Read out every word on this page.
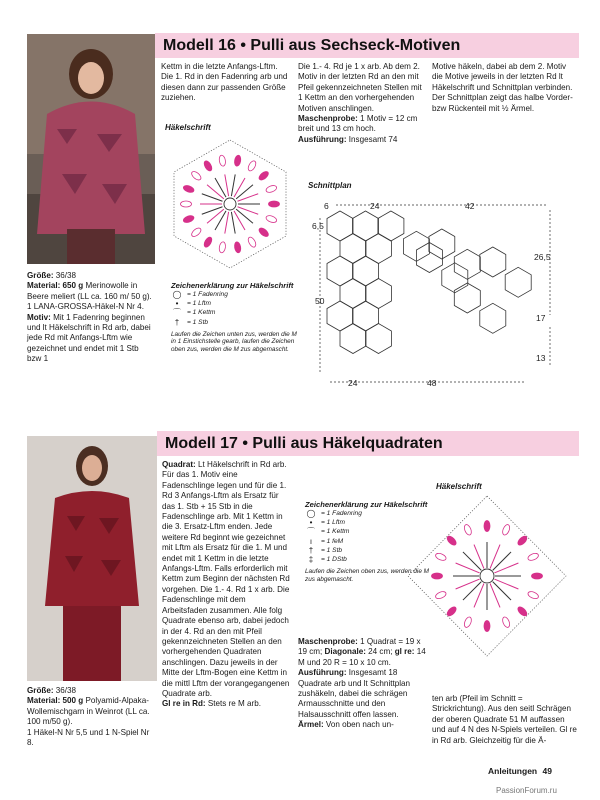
Modell 16 • Pulli aus Sechseck-Motiven
Größe: 36/38
Material: 650 g Merinowolle in Beere meliert (LL ca. 160 m/ 50 g).
1 LANA-GROSSA-Häkel-N Nr 4.
Motiv: Mit 1 Fadenring beginnen und lt Häkelschrift in Rd arb, dabei jede Rd mit Anfangs-Lftm wie gezeichnet und endet mit 1 Stb bzw 1

Kettm in die letzte Anfangs-Lftm. Die 1. Rd in den Fadenring arb und diesen dann zur passenden Größe zuziehen.

Die 1.- 4. Rd je 1 x arb. Ab dem 2. Motiv in der letzten Rd an den mit Pfeil gekennzeichneten Stellen mit 1 Kettm an den vorhergehenden Motiven anschlingen.
Maschenprobe: 1 Motiv = 12 cm breit und 13 cm hoch.
Ausführung: Insgesamt 74

Motive häkeln, dabei ab dem 2. Motiv die Motive jeweils in der letzten Rd lt Häkelschrift und Schnittplan verbinden. Der Schnittplan zeigt das halbe Vorder- bzw Rückenteil mit ½ Ärmel.

Häkelschrift
Zeichenerklärung zur Häkelschrift
◯ = 1 Fadenring
•	= 1 Lftm
⌒ = 1 Kettm
†	= 1 Stb
Laufen die Zeichen unten zus, werden die M in 1 Einstichstelle gearb, laufen die Zeichen oben zus, werden die M zus abgemascht.
Schnittplan
6	24	42
6,5
26,5
50
17
13
24	48
Modell 17 • Pulli aus Häkelquadraten
Größe: 36/38
Material: 500 g Polyamid-Alpaka-Wollemischgarn in Weinrot (LL ca. 100 m/50 g).
1 Häkel-N Nr 5,5 und 1 N-Spiel Nr 8.
Quadrat: Lt Häkelschrift in Rd arb. Für das 1. Motiv eine Fadenschlinge legen und für die 1. Rd 3 Anfangs-Lftm als Ersatz für das 1. Stb + 15 Stb in die Fadenschlinge arb. Mit 1 Kettm in die 3. Ersatz-Lftm enden. Jede weitere Rd beginnt wie gezeichnet mit Lftm als Ersatz für die 1. M und endet mit 1 Kettm in die letzte Anfangs-Lftm. Falls erforderlich mit Kettm zum Beginn der nächsten Rd vorgehen. Die 1.- 4. Rd 1 x arb. Die Fadenschlinge mit dem Arbeitsfaden zusammen. Alle folg Quadrate ebenso arb, dabei jedoch in der 4. Rd an den mit Pfeil gekennzeichneten Stellen an den vorhergehenden Quadraten anschlingen. Dazu jeweils in der Mitte der Lftm-Bogen eine Kettm in die mittl Lftm der vorangegangenen Quadrate arb.
Gl re in Rd: Stets re M arb.
Maschenprobe: 1 Quadrat = 19 x 19 cm; Diagonale: 24 cm; gl re: 14 M und 20 R = 10 x 10 cm.
Ausführung: Insgesamt 18 Quadrate arb und lt Schnittplan zushäkeln, dabei die schrägen Armausschnitte und den Halsausschnitt offen lassen.
Ärmel: Von oben nach un-

ten arb (Pfeil im Schnitt = Strickrichtung). Aus den seitl Schrägen der oberen Quadrate 51 M auffassen und auf 4 N des N-Spiels verteilen. Gl re in Rd arb. Gleichzeitig für die Ä-

Zeichenerklärung zur Häkelschrift
◯ = 1 Fadenring
•	= 1 Lftm
⌒ = 1 Kettm
ı	= 1 feM
†	= 1 Stb
‡	= 1 DStb
Laufen die Zeichen oben zus, werden die M zus abgemascht.
Häkelschrift
Anleitungen 49
PassionForum.ru
